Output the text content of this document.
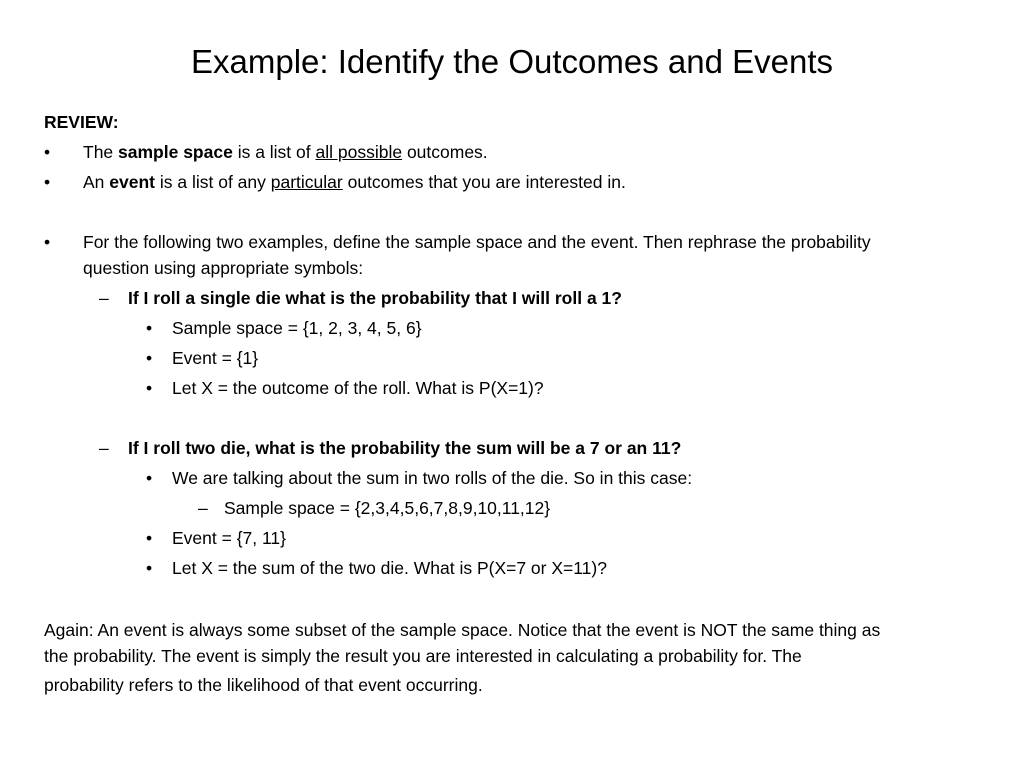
Example: Identify the Outcomes and Events
REVIEW:
• The sample space is a list of all possible outcomes.
• An event is a list of any particular outcomes that you are interested in.
• For the following two examples, define the sample space and the event. Then rephrase the probability
question using appropriate symbols:
– If I roll a single die what is the probability that I will roll a 1?
• Sample space = {1, 2, 3, 4, 5, 6}
• Event = {1}
• Let X = the outcome of the roll. What is P(X=1)?
– If I roll two die, what is the probability the sum will be a 7 or an 11?
• We are talking about the sum in two rolls of the die. So in this case:
– Sample space = {2,3,4,5,6,7,8,9,10,11,12}
• Event = {7, 11}
• Let X = the sum of the two die. What is P(X=7 or X=11)?
Again: An event is always some subset of the sample space. Notice that the event is NOT the same thing as
the probability. The event is simply the result you are interested in calculating a probability for. The
probability refers to the likelihood of that event occurring.
